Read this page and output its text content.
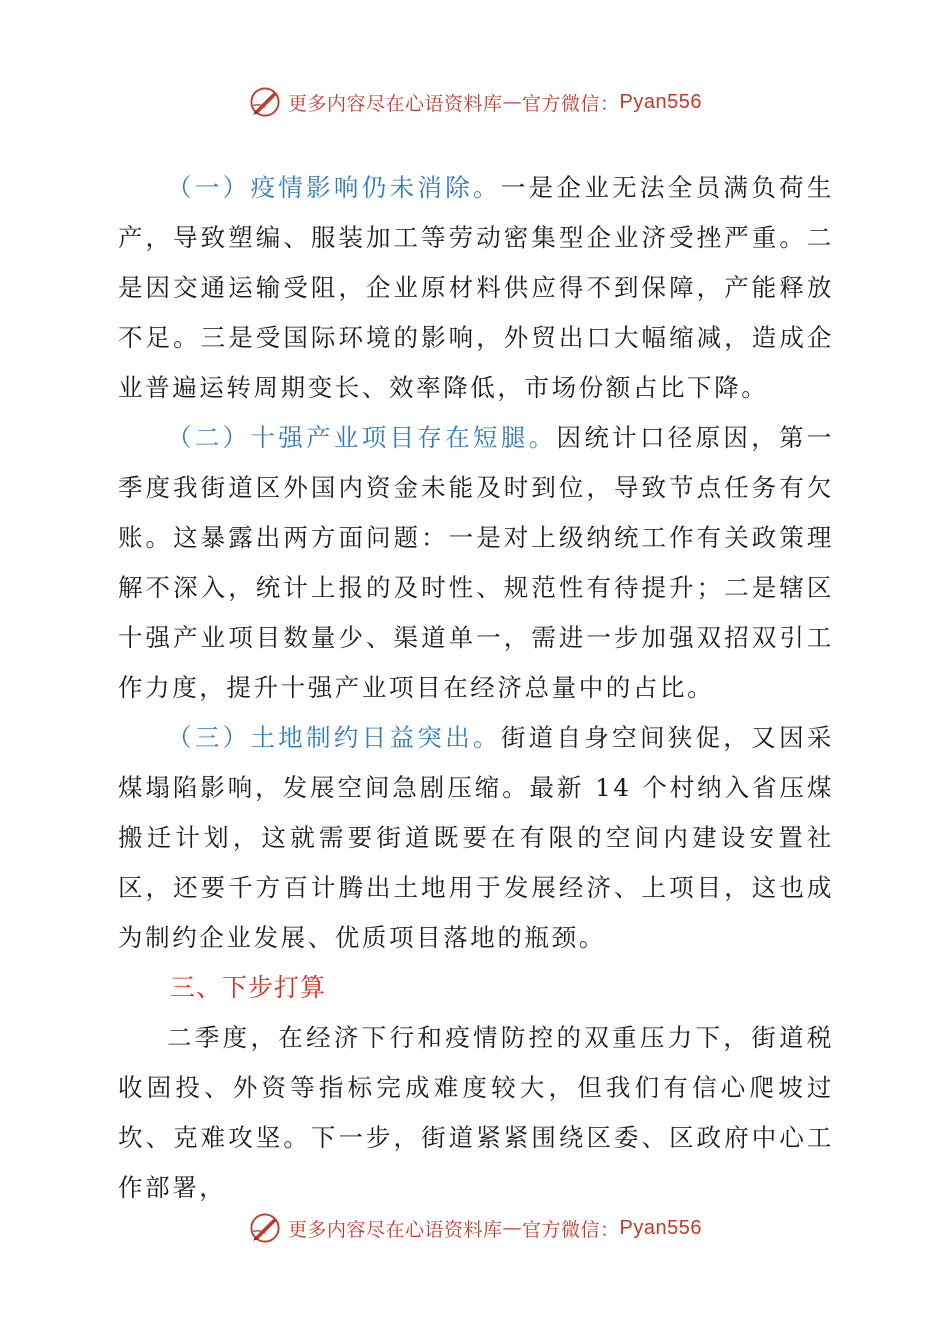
更多内容尽在心语资料库 — 官方微信： Pyan556

（一）疫情影响仍未消除。一是企业无法全员满负荷生产，导致塑编、服装加工等劳动密集型企业济受挫严重。二是因交通运输受阻，企业原材料供应得不到保障，产能释放不足。三是受国际环境的影响，外贸出口大幅缩减，造成企业普遍运转周期变长、效率降低，市场份额占比下降。

（二）十强产业项目存在短腿。因统计口径原因，第一季度我街道区外国内资金未能及时到位，导致节点任务有欠账。这暴露出两方面问题：一是对上级纳统工作有关政策理解不深入，统计上报的及时性、规范性有待提升；二是辖区十强产业项目数量少、渠道单一，需进一步加强双招双引工作力度，提升十强产业项目在经济总量中的占比。

（三）土地制约日益突出。街道自身空间狭促，又因采煤塌陷影响，发展空间急剧压缩。最新 14 个村纳入省压煤搬迁计划，这就需要街道既要在有限的空间内建设安置社区，还要千方百计腾出土地用于发展经济、上项目，这也成为制约企业发展、优质项目落地的瓶颈。

三、下步打算

二季度，在经济下行和疫情防控的双重压力下，街道税收固投、外资等指标完成难度较大，但我们有信心爬坡过坎、克难攻坚。下一步，街道紧紧围绕区委、区政府中心工作部署，

更多内容尽在心语资料库 — 官方微信： Pyan556
